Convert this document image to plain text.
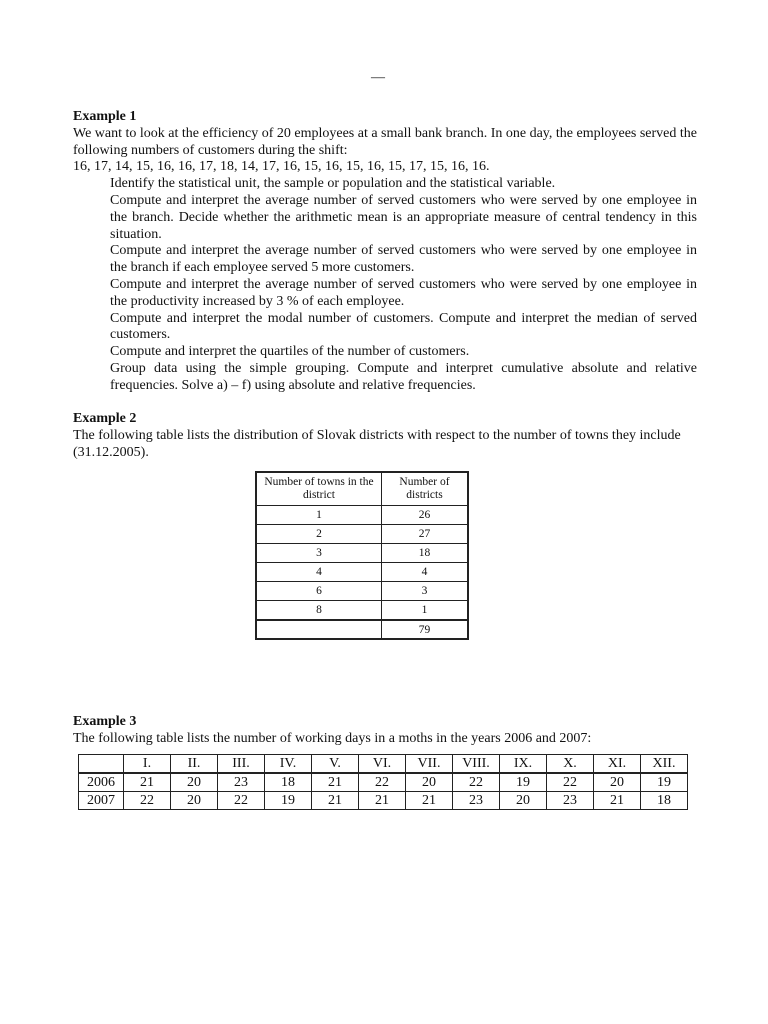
—
Example 1
We want to look at the efficiency of 20 employees at a small bank branch. In one day, the employees served the following numbers of customers during the shift:
16, 17, 14, 15, 16, 16, 17, 18, 14, 17, 16, 15, 16, 15, 16, 15, 17, 15, 16, 16.
Identify the statistical unit, the sample or population and the statistical variable.
Compute and interpret the average number of served customers who were served by one employee in the branch. Decide whether the arithmetic mean is an appropriate measure of central tendency in this situation.
Compute and interpret the average number of served customers who were served by one employee in the branch if each employee served 5 more customers.
Compute and interpret the average number of served customers who were served by one employee in the productivity increased by 3 % of each employee.
Compute and interpret the modal number of customers. Compute and interpret the median of served customers.
Compute and interpret the quartiles of the number of customers.
Group data using the simple grouping. Compute and interpret cumulative absolute and relative frequencies. Solve a) – f) using absolute and relative frequencies.
Example 2
The following table lists the distribution of Slovak districts with respect to the number of towns they include (31.12.2005).
Number of towns in the district	Number of districts
1	26
2	27
3	18
4	4
6	3
8	1
	79
Example 3
The following table lists the number of working days in a moths in the years 2006 and 2007:
	I.	II.	III.	IV.	V.	VI.	VII.	VIII.	IX.	X.	XI.	XII.
2006	21	20	23	18	21	22	20	22	19	22	20	19
2007	22	20	22	19	21	21	21	23	20	23	21	18
